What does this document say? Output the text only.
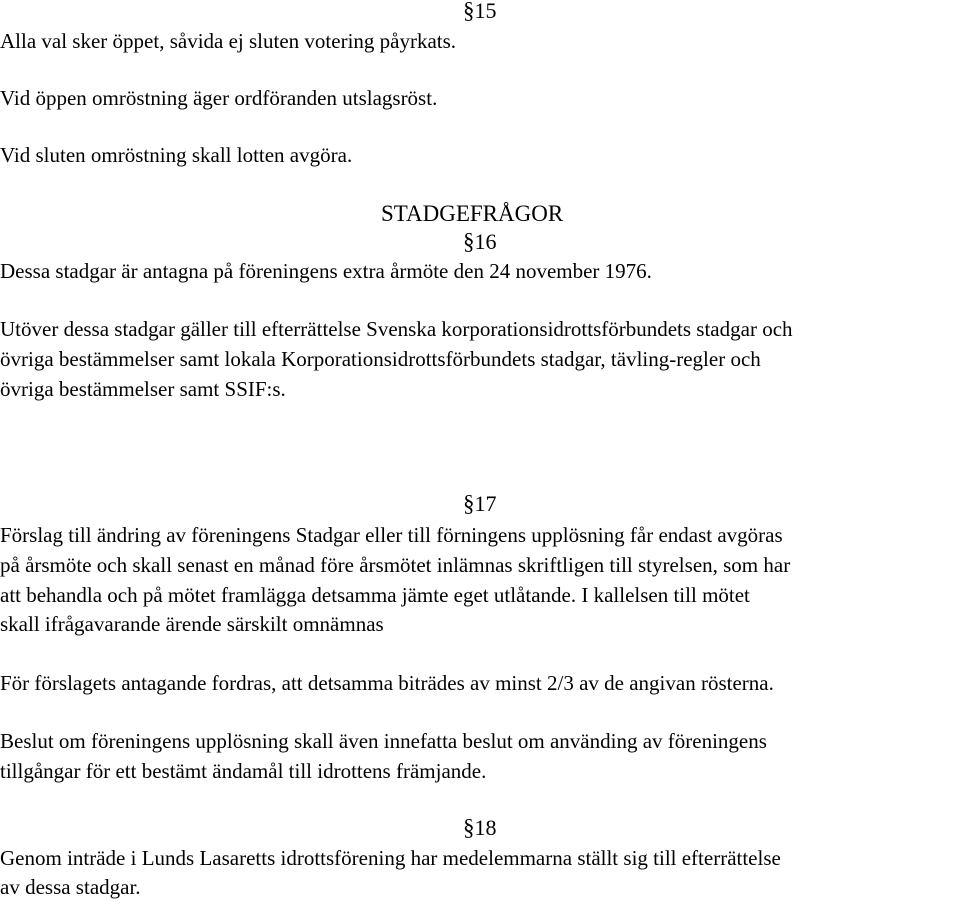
§15

Alla val sker öppet, såvida ej sluten votering påyrkats.

Vid öppen omröstning äger ordföranden utslagsröst.

Vid sluten omröstning skall lotten avgöra.

STADGEFRÅGOR

§16

Dessa stadgar är antagna på föreningens extra årmöte den 24 november 1976.

Utöver dessa stadgar gäller till efterrättelse Svenska korporationsidrottsförbundets stadgar och

övriga bestämmelser samt lokala Korporationsidrottsförbundets stadgar, tävling-regler och

övriga bestämmelser samt SSIF:s.

§17

Förslag till ändring av föreningens Stadgar eller till förningens upplösning får endast avgöras

på årsmöte och skall senast en månad före årsmötet inlämnas skriftligen till styrelsen, som har

att behandla och på mötet framlägga detsamma jämte eget utlåtande. I kallelsen till mötet

skall ifrågavarande ärende särskilt omnämnas

För förslagets antagande fordras, att detsamma biträdes av minst 2/3 av de angivan rösterna.

Beslut om föreningens upplösning skall även innefatta beslut om använding av föreningens

tillgångar för ett bestämt ändamål till idrottens främjande.

§18

Genom inträde i Lunds Lasaretts idrottsförening har medelemmarna ställt sig till efterrättelse

av dessa stadgar.
